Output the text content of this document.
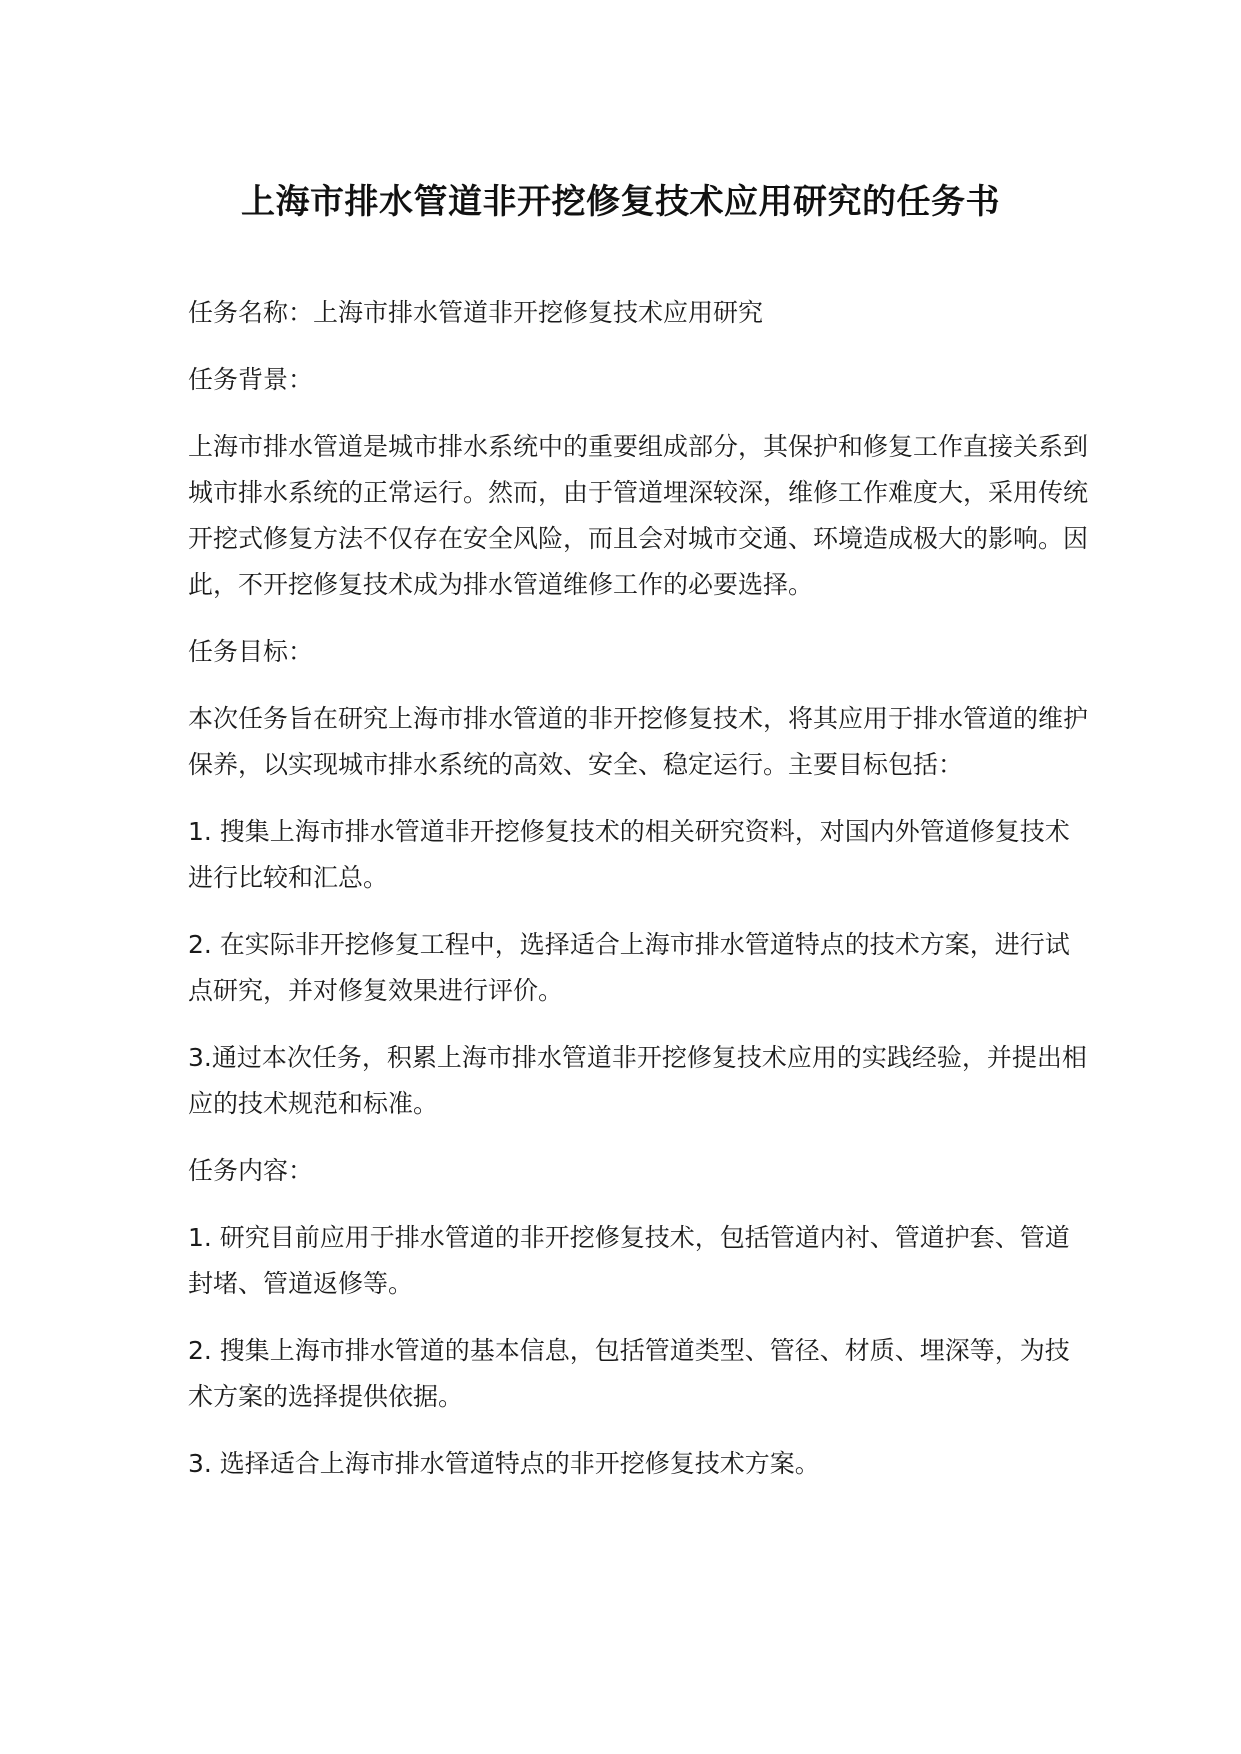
上海市排水管道非开挖修复技术应用研究的任务书

任务名称：上海市排水管道非开挖修复技术应用研究

任务背景：

上海市排水管道是城市排水系统中的重要组成部分，其保护和修复工作直接关系到城市排水系统的正常运行。然而，由于管道埋深较深，维修工作难度大，采用传统开挖式修复方法不仅存在安全风险，而且会对城市交通、环境造成极大的影响。因此，不开挖修复技术成为排水管道维修工作的必要选择。

任务目标：

本次任务旨在研究上海市排水管道的非开挖修复技术，将其应用于排水管道的维护保养，以实现城市排水系统的高效、安全、稳定运行。主要目标包括：

1. 搜集上海市排水管道非开挖修复技术的相关研究资料，对国内外管道修复技术进行比较和汇总。

2. 在实际非开挖修复工程中，选择适合上海市排水管道特点的技术方案，进行试点研究，并对修复效果进行评价。

3.通过本次任务，积累上海市排水管道非开挖修复技术应用的实践经验，并提出相应的技术规范和标准。

任务内容：

1. 研究目前应用于排水管道的非开挖修复技术，包括管道内衬、管道护套、管道封堵、管道返修等。

2. 搜集上海市排水管道的基本信息，包括管道类型、管径、材质、埋深等，为技术方案的选择提供依据。

3. 选择适合上海市排水管道特点的非开挖修复技术方案。
